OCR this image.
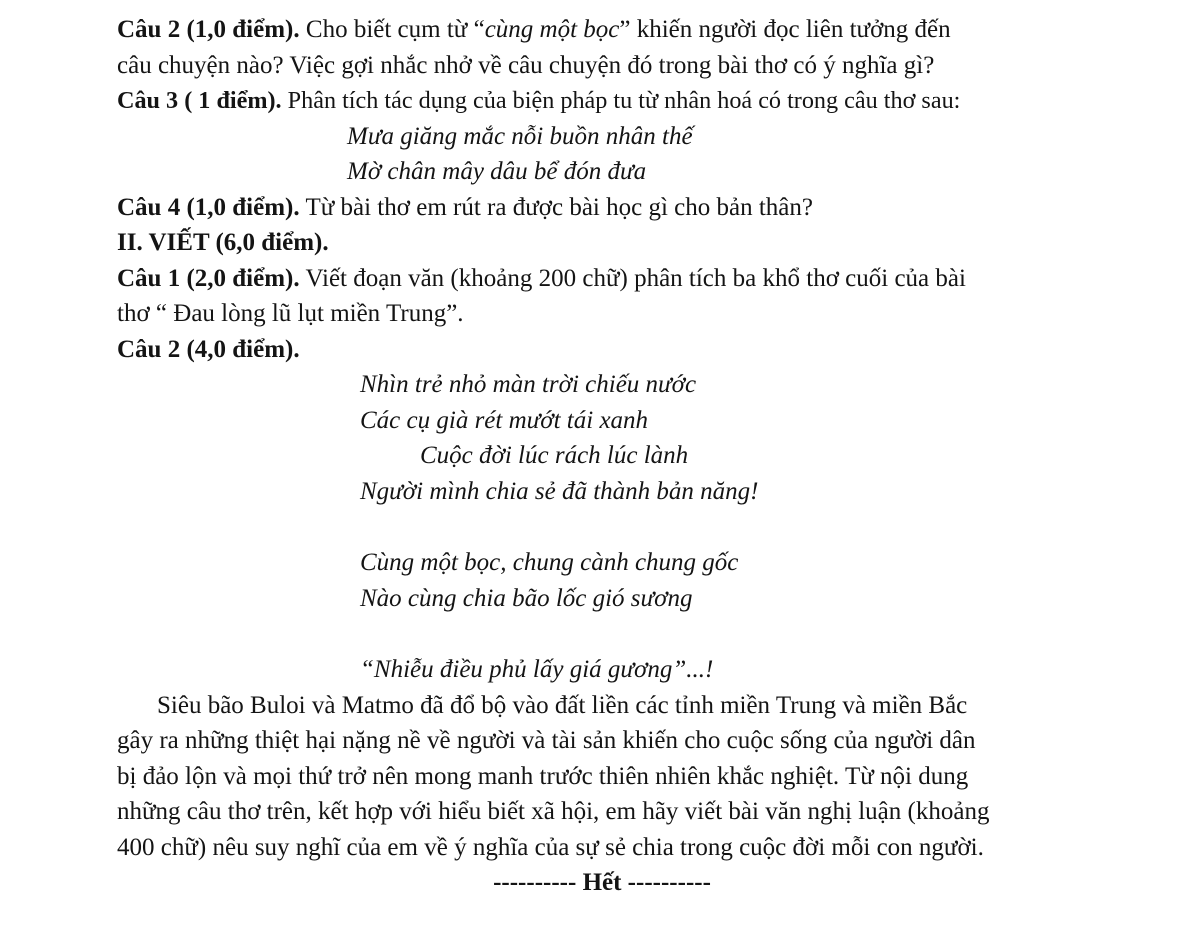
Câu 2 (1,0 điểm). Cho biết cụm từ “cùng một bọc” khiến người đọc liên tưởng đến
câu chuyện nào? Việc gợi nhắc nhở về câu chuyện đó trong bài thơ có ý nghĩa gì?
Câu 3 ( 1 điểm). Phân tích tác dụng của biện pháp tu từ nhân hoá có trong câu thơ sau:
Mưa giăng mắc nỗi buồn nhân thế
Mờ chân mây dâu bể đón đưa
Câu 4 (1,0 điểm). Từ bài thơ em rút ra được bài học gì cho bản thân?
II. VIẾT (6,0 điểm).
Câu 1 (2,0 điểm). Viết đoạn văn (khoảng 200 chữ) phân tích ba khổ thơ cuối của bài
thơ “ Đau lòng lũ lụt miền Trung”.
Câu 2 (4,0 điểm).
Nhìn trẻ nhỏ màn trời chiếu nước
Các cụ già rét mướt tái xanh
Cuộc đời lúc rách lúc lành
Người mình chia sẻ đã thành bản năng!
Cùng một bọc, chung cành chung gốc
Nào cùng chia bão lốc gió sương
“Nhiễu điều phủ lấy giá gương”...!
Siêu bão Buloi và Matmo đã đổ bộ vào đất liền các tỉnh miền Trung và miền Bắc
gây ra những thiệt hại nặng nề về người và tài sản khiến cho cuộc sống của người dân
bị đảo lộn và mọi thứ trở nên mong manh trước thiên nhiên khắc nghiệt. Từ nội dung
những câu thơ trên, kết hợp với hiểu biết xã hội, em hãy viết bài văn nghị luận (khoảng
400 chữ) nêu suy nghĩ của em về ý nghĩa của sự sẻ chia trong cuộc đời mỗi con người.
---------- Hết ----------
